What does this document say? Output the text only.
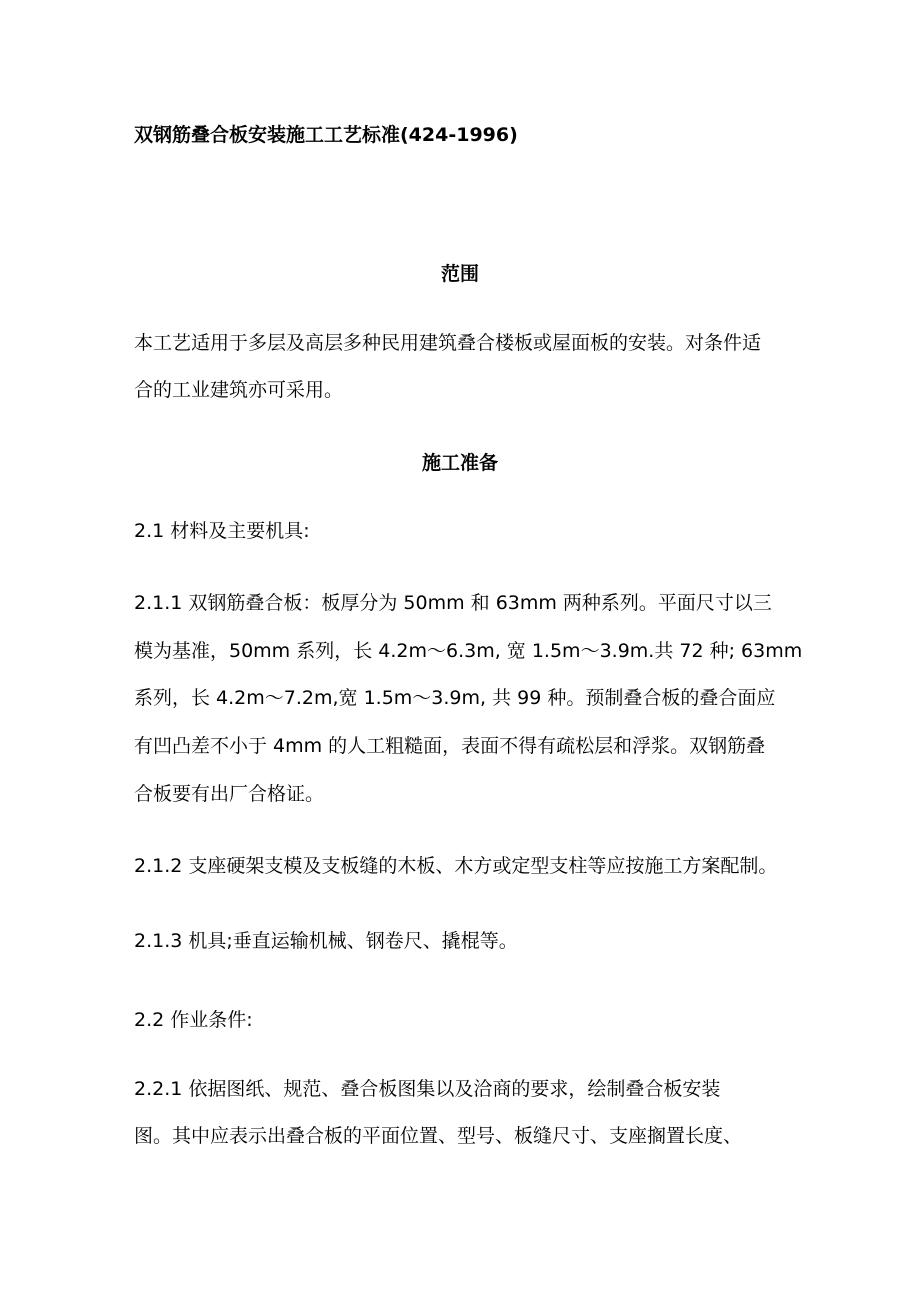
双钢筋叠合板安装施工工艺标准(424-1996)
范围
本工艺适用于多层及高层多种民用建筑叠合楼板或屋面板的安装。对条件适
合的工业建筑亦可采用。
施工准备
2.1 材料及主要机具:
2.1.1 双钢筋叠合板：板厚分为 50mm 和 63mm 两种系列。平面尺寸以三
模为基准，50mm 系列，长 4.2m～6.3m, 宽 1.5m～3.9m.共 72 种; 63mm
系列，长 4.2m～7.2m,宽 1.5m～3.9m, 共 99 种。预制叠合板的叠合面应
有凹凸差不小于 4mm 的人工粗糙面，表面不得有疏松层和浮浆。双钢筋叠
合板要有出厂合格证。
2.1.2 支座硬架支模及支板缝的木板、木方或定型支柱等应按施工方案配制。
2.1.3 机具;垂直运输机械、钢卷尺、撬棍等。
2.2 作业条件:
2.2.1 依据图纸、规范、叠合板图集以及洽商的要求，绘制叠合板安装
图。其中应表示出叠合板的平面位置、型号、板缝尺寸、支座搁置长度、
